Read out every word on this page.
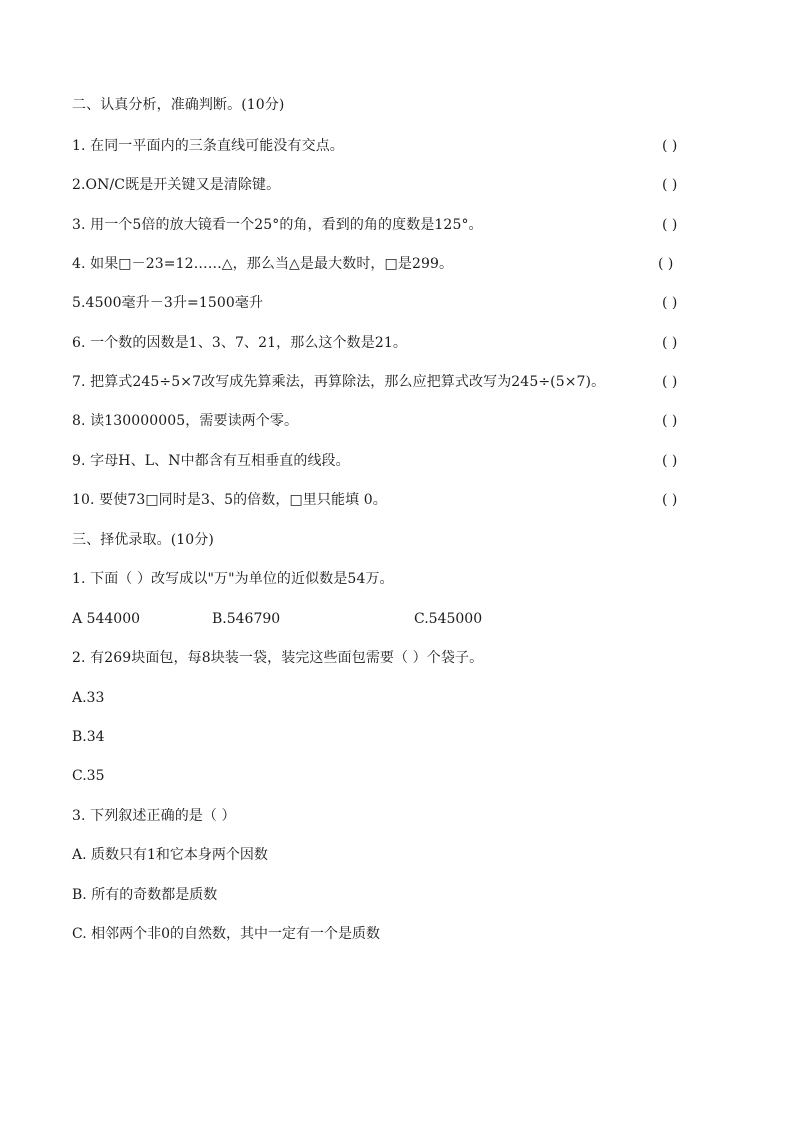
二、认真分析，准确判断。(10分)
1. 在同一平面内的三条直线可能没有交点。	( )
2.ON/C既是开关键又是清除键。	( )
3. 用一个5倍的放大镜看一个25°的角，看到的角的度数是125°。	( )
4. 如果□－23=12……△，那么当△是最大数时，□是299。	( )
5.4500毫升－3升=1500毫升	( )
6. 一个数的因数是1、3、7、21，那么这个数是21。	( )
7. 把算式245÷5×7改写成先算乘法，再算除法，那么应把算式改写为245÷(5×7)。	( )
8. 读130000005，需要读两个零。	( )
9. 字母H、L、N中都含有互相垂直的线段。	( )
10. 要使73□同时是3、5的倍数，□里只能填 0。	( )
三、择优录取。(10分)
1. 下面（ ）改写成以"万"为单位的近似数是54万。
A 544000	B.546790	C.545000
2. 有269块面包，每8块装一袋，装完这些面包需要（ ）个袋子。
A.33
B.34
C.35
3. 下列叙述正确的是（ ）
A. 质数只有1和它本身两个因数
B. 所有的奇数都是质数
C. 相邻两个非0的自然数，其中一定有一个是质数
